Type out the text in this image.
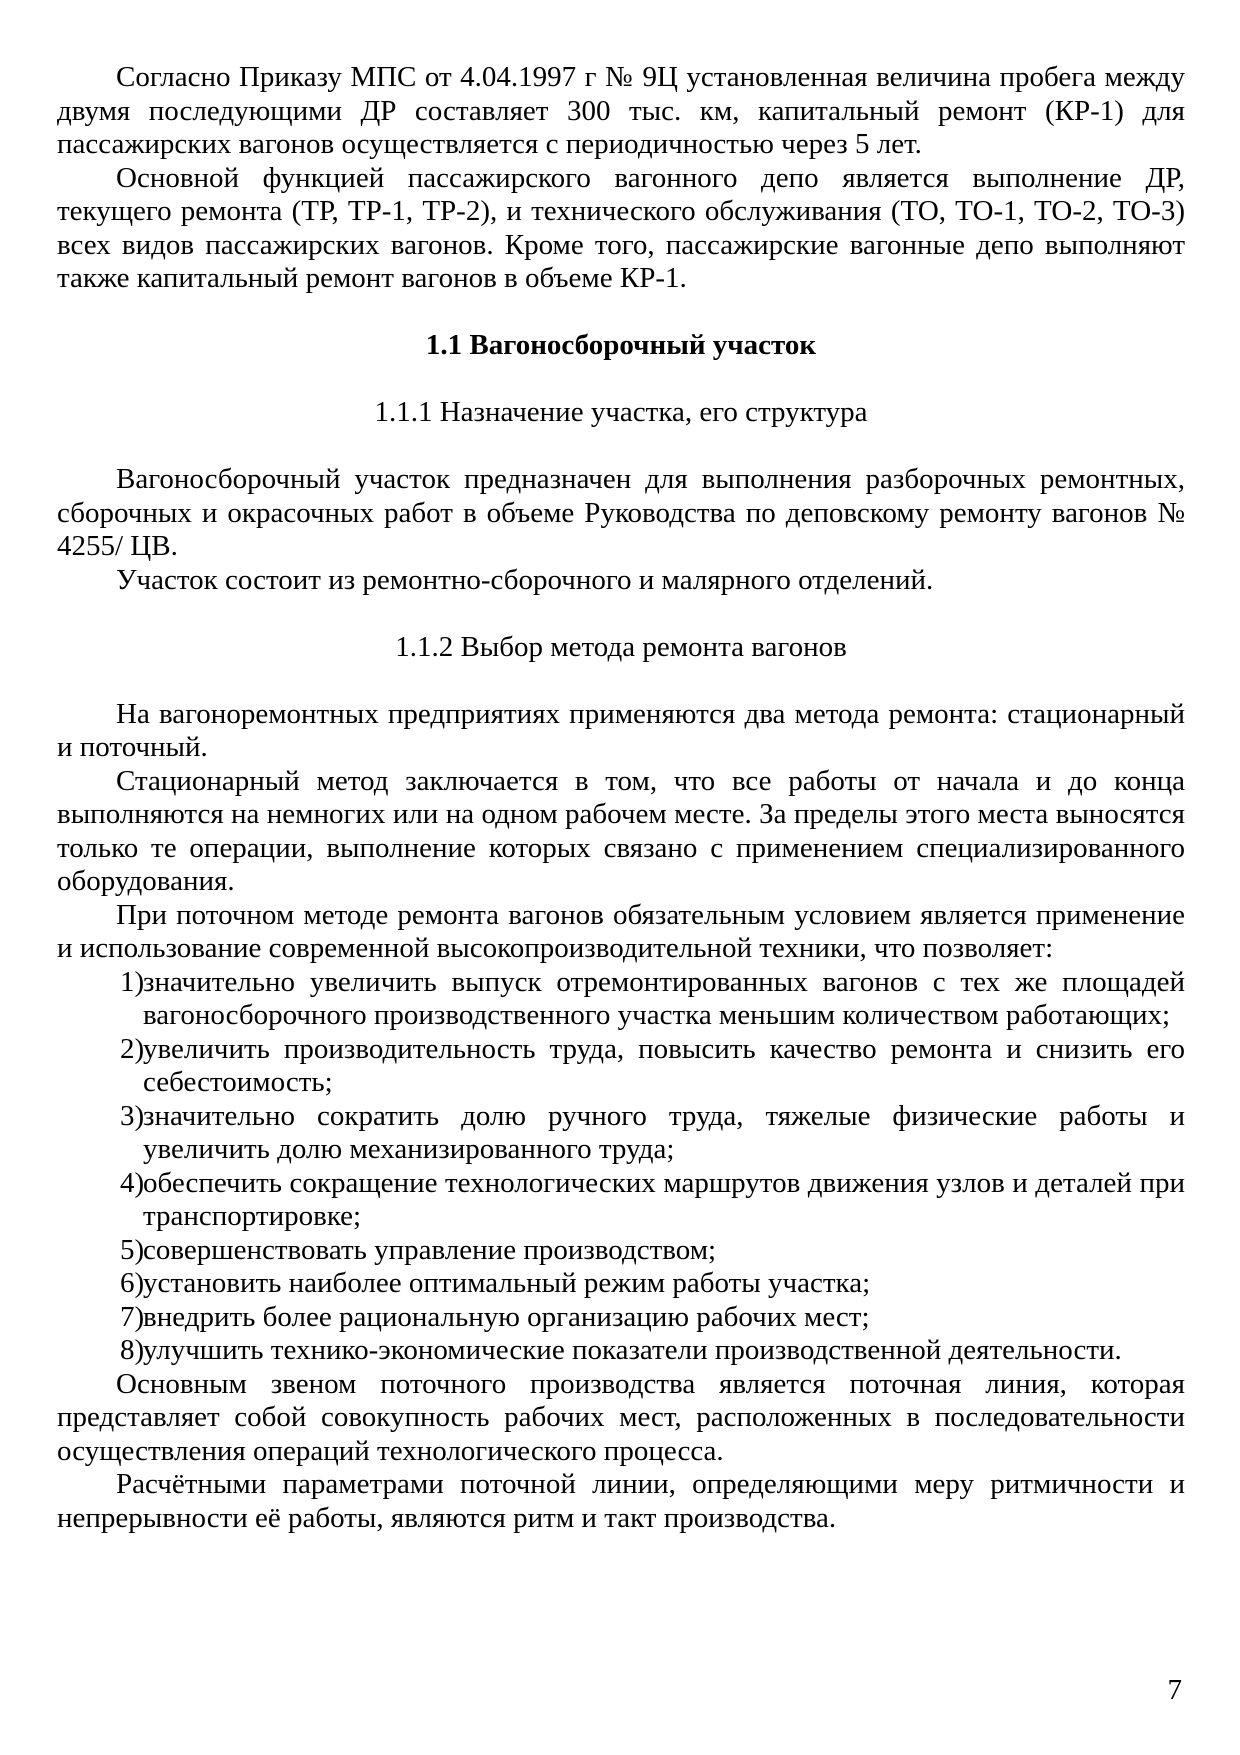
Согласно Приказу МПС от 4.04.1997 г № 9Ц установленная величина пробега между двумя последующими ДР составляет 300 тыс. км, капитальный ремонт (КР-1) для пассажирских вагонов осуществляется с периодичностью через 5 лет.

Основной функцией пассажирского вагонного депо является выполнение ДР, текущего ремонта (ТР, ТР-1, ТР-2), и технического обслуживания (ТО, ТО-1, ТО-2, ТО-3) всех видов пассажирских вагонов. Кроме того, пассажирские вагонные депо выполняют также капитальный ремонт вагонов в объеме КР-1.

1.1 Вагоносборочный участок
1.1.1 Назначение участка, его структура

Вагоносборочный участок предназначен для выполнения разборочных ремонтных, сборочных и окрасочных работ в объеме Руководства по деповскому ремонту вагонов № 4255/ ЦВ.

Участок состоит из ремонтно-сборочного и малярного отделений.

1.1.2 Выбор метода ремонта вагонов

На вагоноремонтных предприятиях применяются два метода ремонта: стационарный и поточный.

Стационарный метод заключается в том, что все работы от начала и до конца выполняются на немногих или на одном рабочем месте. За пределы этого места выносятся только те операции, выполнение которых связано с применением специализированного оборудования.

При поточном методе ремонта вагонов обязательным условием является применение и использование современной высокопроизводительной техники, что позволяет:

1)
значительно увеличить выпуск отремонтированных вагонов с тех же площадей вагоносборочного производственного участка меньшим количеством работающих;
2)
увеличить производительность труда, повысить качество ремонта и снизить его себестоимость;
3)
значительно сократить долю ручного труда, тяжелые физические работы и увеличить долю механизированного труда;
4)
обеспечить сокращение технологических маршрутов движения узлов и деталей при транспортировке;
5)
совершенствовать управление производством;
6)
установить наиболее оптимальный режим работы участка;
7)
внедрить более рациональную организацию рабочих мест;
8)
улучшить технико-экономические показатели производственной деятельности.

Основным звеном поточного производства является поточная линия, которая представляет собой совокупность рабочих мест, расположенных в последовательности осуществления операций технологического процесса.

Расчётными параметрами поточной линии, определяющими меру ритмичности и непрерывности её работы, являются ритм и такт производства.

7
